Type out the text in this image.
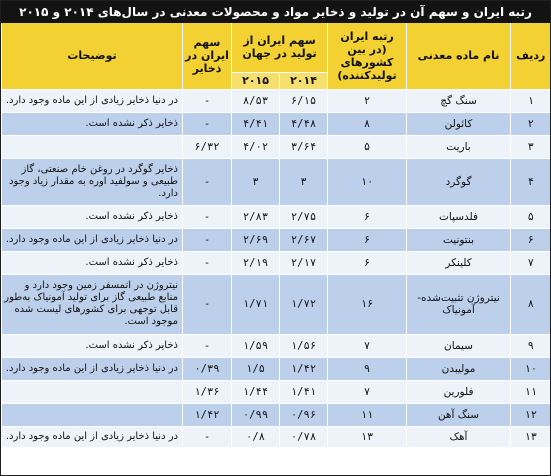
رتبه ایران و سهم آن در تولید و ذخایر مواد و محصولات معدنی در سال‌های ۲۰۱۴ و ۲۰۱۵
ردیف	نام ماده معدنی	رتبه ایران (در بین کشورهای تولیدکننده)	سهم ایران از تولید در جهان		سهم ایران در ذخایر	توضیحات
			۲۰۱۴	۲۰۱۵		
۱	سنگ گچ	۲	۶/۱۵	۸/۵۳	-	در دنیا ذخایر زیادی از این ماده وجود دارد.
۲	کائولن	۸	۴/۴۸	۴/۴۱	-	ذخایر ذکر نشده است.
۳	باریت	۵	۳/۶۴	۴/۰۲	۶/۳۲	
۴	گوگرد	۱۰	۳	۳	-	ذخایر گوگرد در روغن خام صنعتی، گاز طبیعی و سولفید اوره به مقدار زیاد وجود دارد.
۵	فلدسپات	۶	۲/۷۵	۲/۸۳	-	ذخایر ذکر نشده است.
۶	بنتونیت	۶	۲/۶۷	۲/۶۹	-	در دنیا ذخایر زیادی از این ماده وجود دارد.
۷	کلینکر	۶	۲/۱۷	۲/۱۹	-	ذخایر ذکر نشده است.
۸	نیتروژن تثبیت‌شده- آمونیاک	۱۶	۱/۷۲	۱/۷۱	-	نیتروژن در اتمسفر زمین وجود دارد و منابع طبیعی گاز برای تولید آمونیاک به‌طور قابل توجهی برای کشورهای لیست شده موجود است.
۹	سیمان	۷	۱/۵۶	۱/۵۹	-	ذخایر ذکر نشده است.
۱۰	مولیبدن	۹	۱/۴۲	۱/۵	۰/۳۹	در دنیا ذخایر زیادی از این ماده وجود دارد.
۱۱	فلورین	۷	۱/۴۱	۱/۴۴	۱/۳۶	
۱۲	سنگ آهن	۱۱	۰/۹۶	۰/۹۹	۱/۴۲	
۱۳	آهک	۱۳	۰/۷۸	۰/۸	-	در دنیا ذخایر زیادی از این ماده وجود دارد.
